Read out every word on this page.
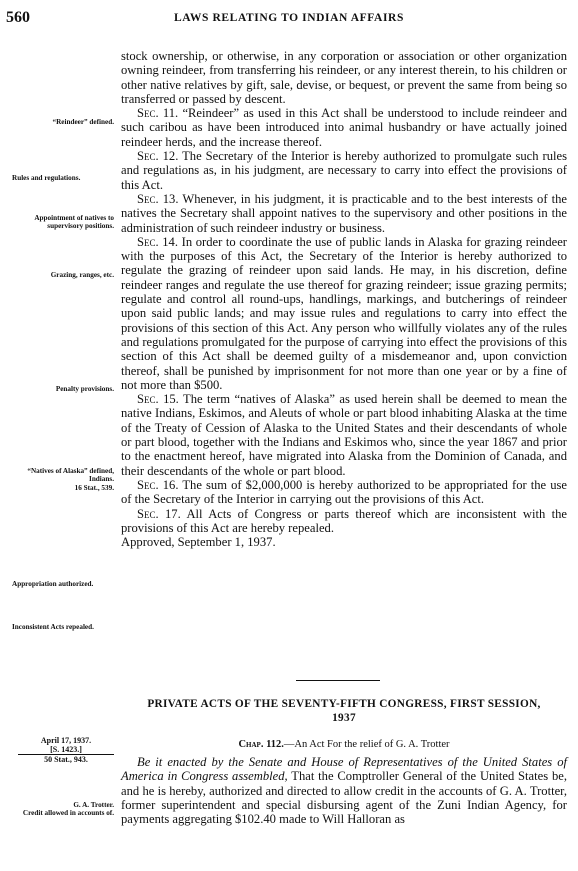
560	LAWS RELATING TO INDIAN AFFAIRS
“Reindeer” defined.
Rules and regulations.
Appointment of natives to supervisory positions.
Grazing, ranges, etc.
Penalty provisions.
“Natives of Alaska” defined, Indians.
16 Stat., 539.
Appropriation authorized.
Inconsistent Acts repealed.

stock ownership, or otherwise, in any corporation or association or other organization owning reindeer, from transferring his reindeer, or any interest therein, to his children or other native relatives by gift, sale, devise, or bequest, or prevent the same from being so transferred or passed by descent.

Sec. 11. “Reindeer” as used in this Act shall be understood to include reindeer and such caribou as have been introduced into animal husbandry or have actually joined reindeer herds, and the increase thereof.

Sec. 12. The Secretary of the Interior is hereby authorized to promulgate such rules and regulations as, in his judgment, are necessary to carry into effect the provisions of this Act.

Sec. 13. Whenever, in his judgment, it is practicable and to the best interests of the natives the Secretary shall appoint natives to the supervisory and other positions in the administration of such reindeer industry or business.

Sec. 14. In order to coordinate the use of public lands in Alaska for grazing reindeer with the purposes of this Act, the Secretary of the Interior is hereby authorized to regulate the grazing of reindeer upon said lands. He may, in his discretion, define reindeer ranges and regulate the use thereof for grazing reindeer; issue grazing permits; regulate and control all round-ups, handlings, markings, and butcherings of reindeer upon said public lands; and may issue rules and regulations to carry into effect the provisions of this section of this Act. Any person who willfully violates any of the rules and regulations promulgated for the purpose of carrying into effect the provisions of this section of this Act shall be deemed guilty of a misdemeanor and, upon conviction thereof, shall be punished by imprisonment for not more than one year or by a fine of not more than $500.

Sec. 15. The term “natives of Alaska” as used herein shall be deemed to mean the native Indians, Eskimos, and Aleuts of whole or part blood inhabiting Alaska at the time of the Treaty of Cession of Alaska to the United States and their descendants of whole or part blood, together with the Indians and Eskimos who, since the year 1867 and prior to the enactment hereof, have migrated into Alaska from the Dominion of Canada, and their descendants of the whole or part blood.

Sec. 16. The sum of $2,000,000 is hereby authorized to be appropriated for the use of the Secretary of the Interior in carrying out the provisions of this Act.

Sec. 17. All Acts of Congress or parts thereof which are inconsistent with the provisions of this Act are hereby repealed.

Approved, September 1, 1937.

PRIVATE ACTS OF THE SEVENTY-FIFTH CONGRESS, FIRST SESSION,
1937
April 17, 1937.
[S. 1423.]
50 Stat., 943.
Chap. 112.—An Act For the relief of G. A. Trotter
G. A. Trotter.
Credit allowed in accounts of.

Be it enacted by the Senate and House of Representatives of the United States of America in Congress assembled, That the Comptroller General of the United States be, and he is hereby, authorized and directed to allow credit in the accounts of G. A. Trotter, former superintendent and special disbursing agent of the Zuni Indian Agency, for payments aggregating $102.40 made to Will Halloran as
